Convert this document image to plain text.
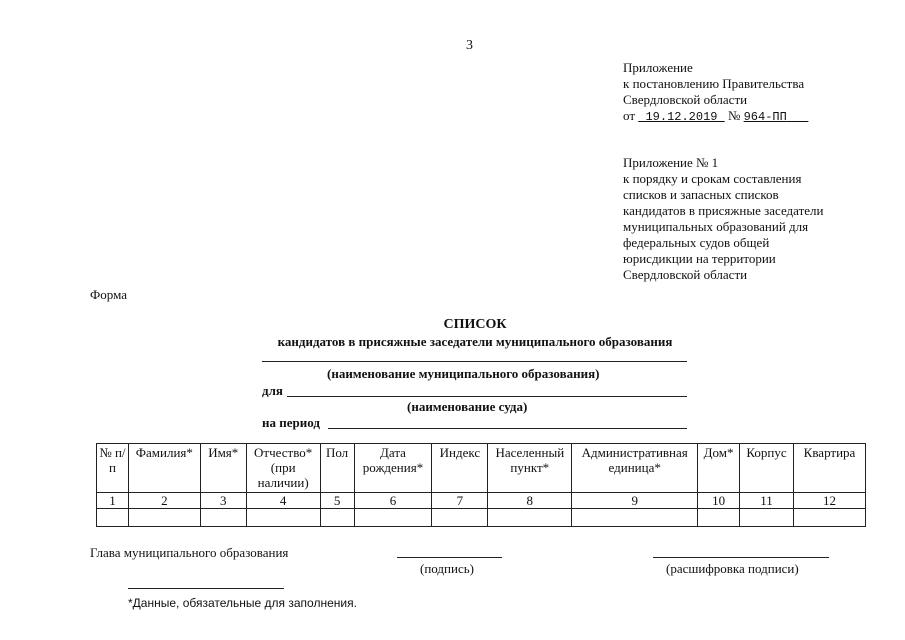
3
Приложение
к постановлению Правительства
Свердловской области
от 19.12.2019 № 964-ПП
Приложение № 1
к порядку и срокам составления
списков и запасных списков
кандидатов в присяжные заседатели
муниципальных образований для
федеральных судов общей
юрисдикции на территории
Свердловской области
Форма
СПИСОК
кандидатов в присяжные заседатели муниципального образования
(наименование муниципального образования)
для
(наименование суда)
на период
№ п/п	Фамилия*	Имя*	Отчество* (при наличии)	Пол	Дата рождения*	Индекс	Населенный пункт*	Административная единица*	Дом*	Корпус	Квартира
1	2	3	4	5	6	7	8	9	10	11	12

Глава муниципального образования
(подпись)	(расшифровка подписи)
*Данные, обязательные для заполнения.
